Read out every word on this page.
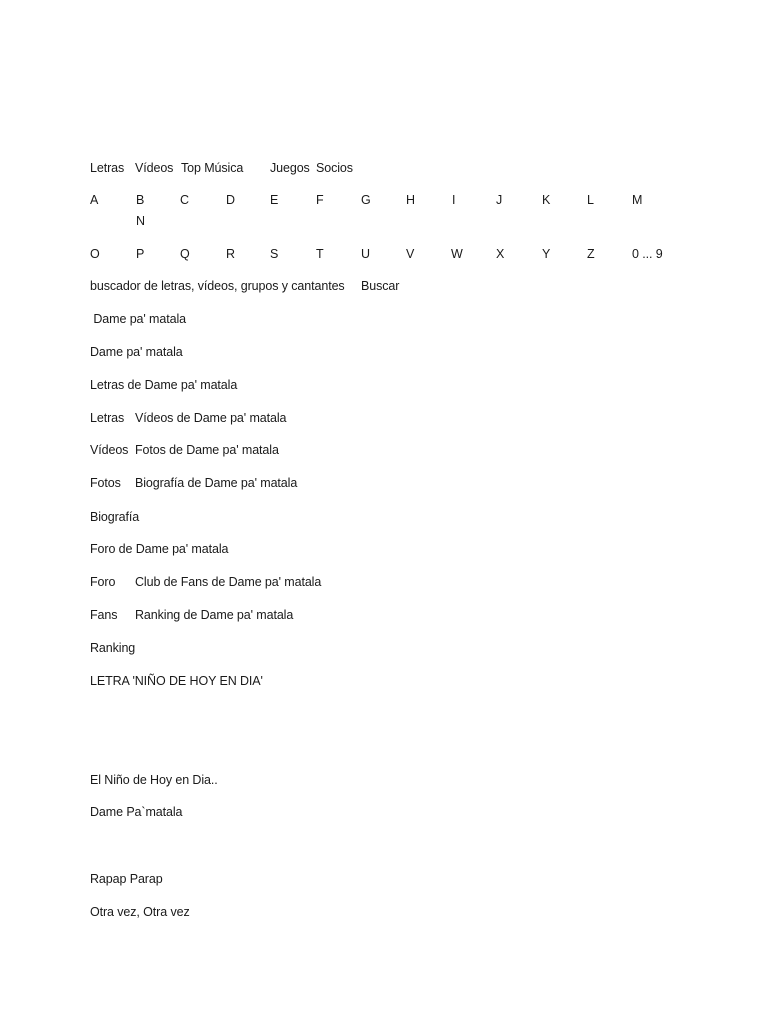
Letras Vídeos Top Música Juegos Socios
A	B	C	D	E	F	G	H	I	J	K	L	M
N
O	P	Q	R	S	T	U	V	W	X	Y	Z	0 ... 9
buscador de letras, vídeos, grupos y cantantes Buscar
Dame pa' matala
Dame pa' matala
Letras de Dame pa' matala
Letras Vídeos de Dame pa' matala
Vídeos Fotos de Dame pa' matala
Fotos Biografía de Dame pa' matala
Biografía
Foro de Dame pa' matala
Foro Club de Fans de Dame pa' matala
Fans Ranking de Dame pa' matala
Ranking
LETRA 'NIÑO DE HOY EN DIA'
El Niño de Hoy en Dia..
Dame Pa`matala
Rapap Parap
Otra vez, Otra vez
